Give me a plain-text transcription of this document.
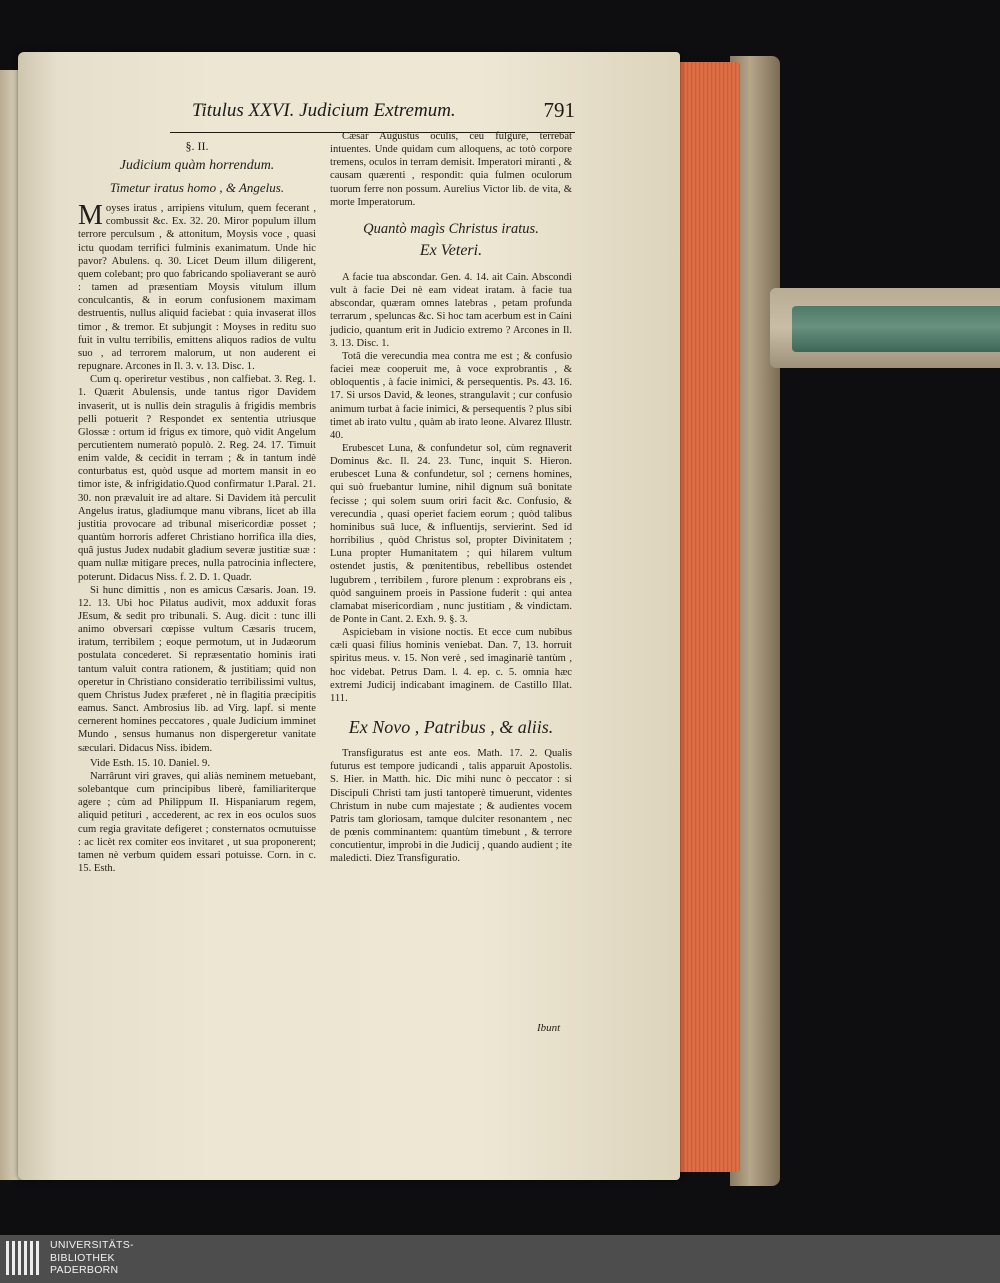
Titulus XXVI. Judicium Extremum.	791

§. II.

Judicium quàm horrendum.

Timetur iratus homo , & Angelus.

Moyses iratus , arripiens vitulum, quem fecerant , combussit &c. Ex. 32. 20. Miror populum illum terrore perculsum , & attonitum, Moysis voce , quasi ictu quodam terrifici fulminis exanimatum. Unde hic pavor? Abulens. q. 30. Licet Deum illum diligerent, quem colebant; pro quo fabricando spoliaverant se aurò : tamen ad præsentiam Moysis vitulum illum conculcantis, & in eorum confusionem maximam destruentis, nullus aliquid faciebat : quia invaserat illos timor , & tremor. Et subjungit : Moyses in reditu suo fuit in vultu terribilis, emittens aliquos radios de vultu suo , ad terrorem malorum, ut non auderent ei repugnare. Arcones in Il. 3. v. 13. Disc. 1.

Cum q. operiretur vestibus , non calfiebat. 3. Reg. 1. 1. Quærit Abulensis, unde tantus rigor Davidem invaserit, ut is nullis dein stragulis à frigidis membris pelli potuerit ? Respondet ex sententia utriusque Glossæ : ortum id frigus ex timore, quò vidit Angelum percutientem numeratò populò. 2. Reg. 24. 17. Timuit enim valde, & cecidit in terram ; & in tantum indè conturbatus est, quòd usque ad mortem mansit in eo timor iste, & infrigidatio.Quod confirmatur 1.Paral. 21. 30. non prævaluit ire ad altare. Si Davidem ità perculit Angelus iratus, gladiumque manu vibrans, licet ab illa justitia provocare ad tribunal misericordiæ posset ; quantùm horroris adferet Christiano horrifica illa dies, quâ justus Judex nudabit gladium severæ justitiæ suæ : quam nullæ mitigare preces, nulla patrocinia inflectere, poterunt. Didacus Niss. f. 2. D. 1. Quadr.

Si hunc dimittis , non es amicus Cæsaris. Joan. 19. 12. 13. Ubi hoc Pilatus audivit, mox adduxit foras JEsum, & sedit pro tribunali. S. Aug. dicit : tunc illi animo obversari cœpisse vultum Cæsaris trucem, iratum, terribilem ; eoque permotum, ut in Judæorum postulata concederet. Si repræsentatio hominis irati tantum valuit contra rationem, & justitiam; quid non operetur in Christiano consideratio terribilissimi vultus, quem Christus Judex præferet , nè in flagitia præcipitis eamus. Sanct. Ambrosius lib. ad Virg. lapf. si mente cernerent homines peccatores , quale Judicium imminet Mundo , sensus humanus non dispergeretur vanitate sæculari. Didacus Niss. ibidem.

Vide Esth. 15. 10. Daniel. 9.

Narrârunt viri graves, qui aliàs neminem metuebant, solebantque cum principibus liberè, familiariterque agere ; cùm ad Philippum II. Hispaniarum regem, aliquid petituri , accederent, ac rex in eos oculos suos cum regia gravitate defigeret ; consternatos ocmutuisse : ac licèt rex comiter eos invitaret , ut sua proponerent; tamen nè verbum quidem essari potuisse. Corn. in c. 15. Esth.

Cæsar Augustus oculis, ceu fulgure, terrebat intuentes. Unde quidam cum alloquens, ac totò corpore tremens, oculos in terram demisit. Imperatori miranti , & causam quærenti , respondit: quia fulmen oculorum tuorum ferre non possum. Aurelius Victor lib. de vita, & morte Imperatorum.

Quantò magìs Christus iratus.

Ex Veteri.

A facie tua abscondar. Gen. 4. 14. ait Cain. Abscondi vult à facie Dei nè eam videat iratam. à facie tua abscondar, quæram omnes latebras , petam profunda terrarum , speluncas &c. Si hoc tam acerbum est in Caini judicio, quantum erit in Judicio extremo ? Arcones in Il. 3. 13. Disc. 1.

Totâ die verecundia mea contra me est ; & confusio faciei meæ cooperuit me, à voce exprobrantis , & obloquentis , à facie inimici, & persequentis. Ps. 43. 16. 17. Si ursos David, & leones, strangulavit ; cur confusio animum turbat à facie inimici, & persequentis ? plus sibi timet ab irato vultu , quàm ab irato leone. Alvarez Illustr. 40.

Erubescet Luna, & confundetur sol, cùm regnaverit Dominus &c. Il. 24. 23. Tunc, inquit S. Hieron. erubescet Luna & confundetur, sol ; cernens homines, qui suò fruebantur lumine, nihil dignum suâ bonitate fecisse ; qui solem suum oriri facit &c. Confusio, & verecundia , quasi operiet faciem eorum ; quòd talibus hominibus suâ luce, & influentijs, servierint. Sed id horribilius , quòd Christus sol, propter Divinitatem ; Luna propter Humanitatem ; qui hilarem vultum ostendet justis, & pœnitentibus, rebellibus ostendet lugubrem , terribilem , furore plenum : exprobrans eis , quòd sanguinem proeis in Passione fuderit : qui antea clamabat misericordiam , nunc justitiam , & vindictam. de Ponte in Cant. 2. Exh. 9. §. 3.

Aspiciebam in visione noctis. Et ecce cum nubibus cæli quasi filius hominis veniebat. Dan. 7, 13. horruit spiritus meus. v. 15. Non verè , sed imaginariè tantùm , hoc videbat. Petrus Dam. l. 4. ep. c. 5. omnia hæc extremi Judicij indicabant imaginem. de Castillo Illat. 111.

Ex Novo , Patribus , & aliis.

Transfiguratus est ante eos. Math. 17. 2. Qualis futurus est tempore judicandi , talis apparuit Apostolis. S. Hier. in Matth. hic. Dic mihi nunc ò peccator : si Discipuli Christi tam justi tantoperè timuerunt, videntes Christum in nube cum majestate ; & audientes vocem Patris tam gloriosam, tamque dulciter resonantem , nec de pœnis comminantem: quantùm timebunt , & terrore concutientur, improbi in die Judicij , quando audient ; ite maledicti. Diez Transfiguratio.

Ibunt
UNIVERSITÄTS-
BIBLIOTHEK
PADERBORN
